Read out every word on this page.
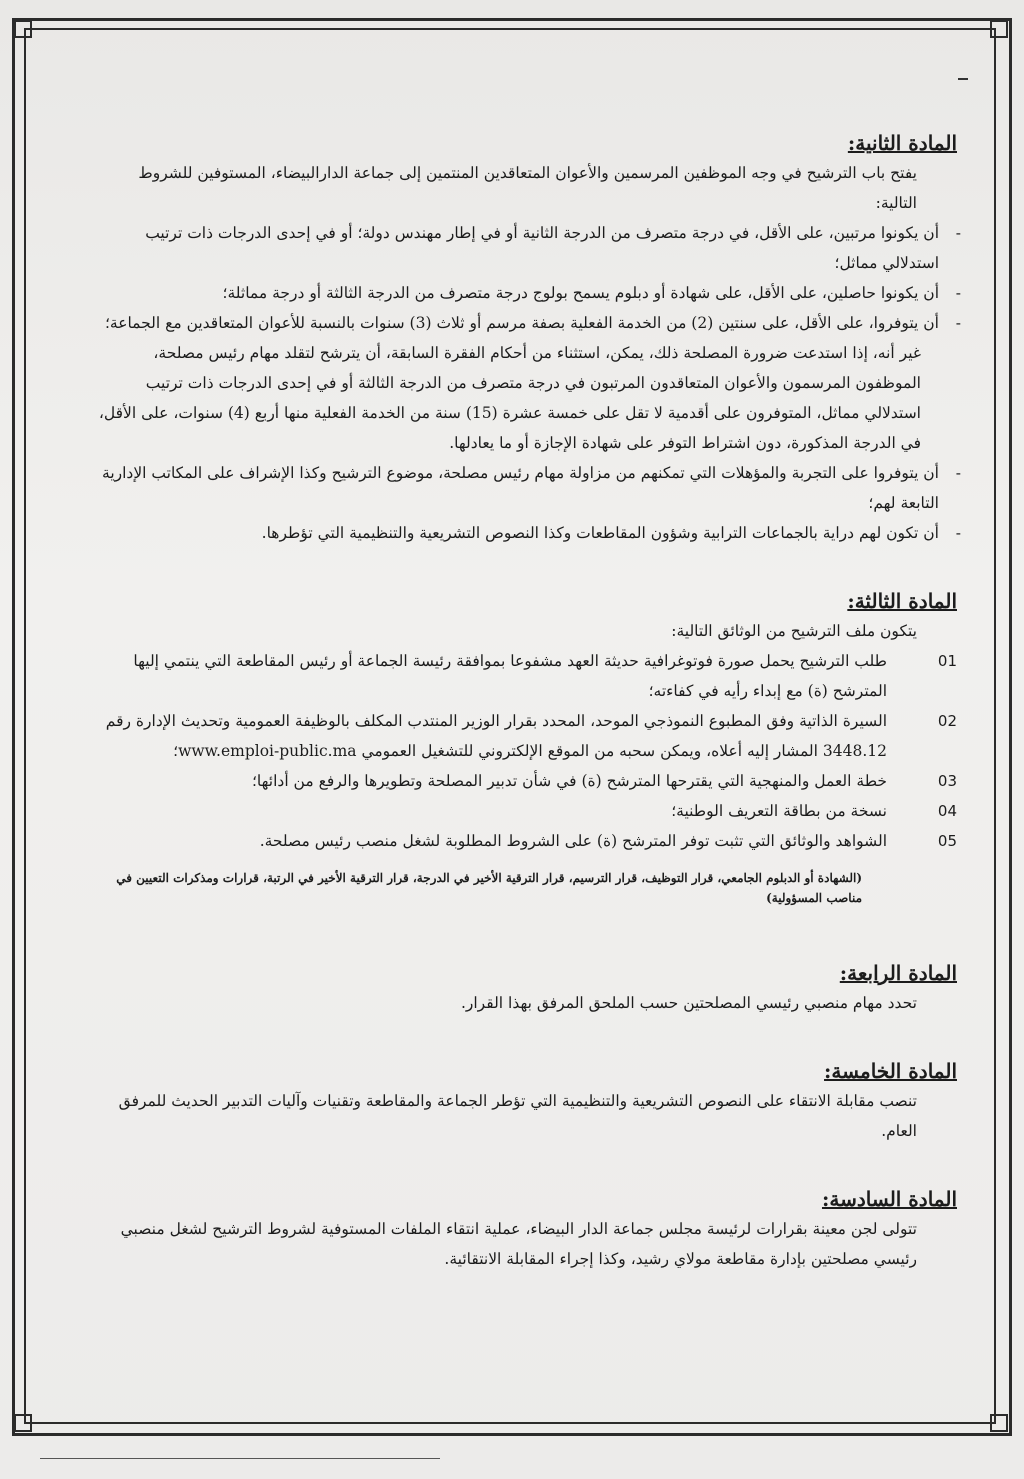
المادة الثانية:

يفتح باب الترشيح في وجه الموظفين المرسمين والأعوان المتعاقدين المنتمين إلى جماعة الدارالبيضاء، المستوفين للشروط التالية:

- أن يكونوا مرتبين، على الأقل، في درجة متصرف من الدرجة الثانية أو في إطار مهندس دولة؛ أو في إحدى الدرجات ذات ترتيب استدلالي مماثل؛
- أن يكونوا حاصلين، على الأقل، على شهادة أو دبلوم يسمح بولوج درجة متصرف من الدرجة الثالثة أو درجة مماثلة؛
- أن يتوفروا، على الأقل، على سنتين (2) من الخدمة الفعلية بصفة مرسم أو ثلاث (3) سنوات بالنسبة للأعوان المتعاقدين مع الجماعة؛
غير أنه، إذا استدعت ضرورة المصلحة ذلك، يمكن، استثناء من أحكام الفقرة السابقة، أن يترشح لتقلد مهام رئيس مصلحة، الموظفون المرسمون والأعوان المتعاقدون المرتبون في درجة متصرف من الدرجة الثالثة أو في إحدى الدرجات ذات ترتيب استدلالي مماثل، المتوفرون على أقدمية لا تقل على خمسة عشرة (15) سنة من الخدمة الفعلية منها أربع (4) سنوات، على الأقل، في الدرجة المذكورة، دون اشتراط التوفر على شهادة الإجازة أو ما يعادلها.
- أن يتوفروا على التجربة والمؤهلات التي تمكنهم من مزاولة مهام رئيس مصلحة، موضوع الترشيح وكذا الإشراف على المكاتب الإدارية التابعة لهم؛
- أن تكون لهم دراية بالجماعات الترابية وشؤون المقاطعات وكذا النصوص التشريعية والتنظيمية التي تؤطرها.
المادة الثالثة:

يتكون ملف الترشيح من الوثائق التالية:

01
طلب الترشيح يحمل صورة فوتوغرافية حديثة العهد مشفوعا بموافقة رئيسة الجماعة أو رئيس المقاطعة التي ينتمي إليها المترشح (ة) مع إبداء رأيه في كفاءته؛
02
السيرة الذاتية وفق المطبوع النموذجي الموحد، المحدد بقرار الوزير المنتدب المكلف بالوظيفة العمومية وتحديث الإدارة رقم 3448.12 المشار إليه أعلاه، ويمكن سحبه من الموقع الإلكتروني للتشغيل العمومي www.emploi-public.ma؛
03
خطة العمل والمنهجية التي يقترحها المترشح (ة) في شأن تدبير المصلحة وتطويرها والرفع من أدائها؛
04
نسخة من بطاقة التعريف الوطنية؛
05
الشواهد والوثائق التي تثبت توفر المترشح (ة) على الشروط المطلوبة لشغل منصب رئيس مصلحة.

(الشهادة أو الدبلوم الجامعي، قرار التوظيف، قرار الترسيم، قرار الترقية الأخير في الدرجة، قرار الترقية الأخير في الرتبة، قرارات ومذكرات التعيين في مناصب المسؤولية)

المادة الرابعة:

تحدد مهام منصبي رئيسي المصلحتين حسب الملحق المرفق بهذا القرار.

المادة الخامسة:

تنصب مقابلة الانتقاء على النصوص التشريعية والتنظيمية التي تؤطر الجماعة والمقاطعة وتقنيات وآليات التدبير الحديث للمرفق العام.

المادة السادسة:

تتولى لجن معينة بقرارات لرئيسة مجلس جماعة الدار البيضاء، عملية انتقاء الملفات المستوفية لشروط الترشيح لشغل منصبي رئيسي مصلحتين بإدارة مقاطعة مولاي رشيد، وكذا إجراء المقابلة الانتقائية.
